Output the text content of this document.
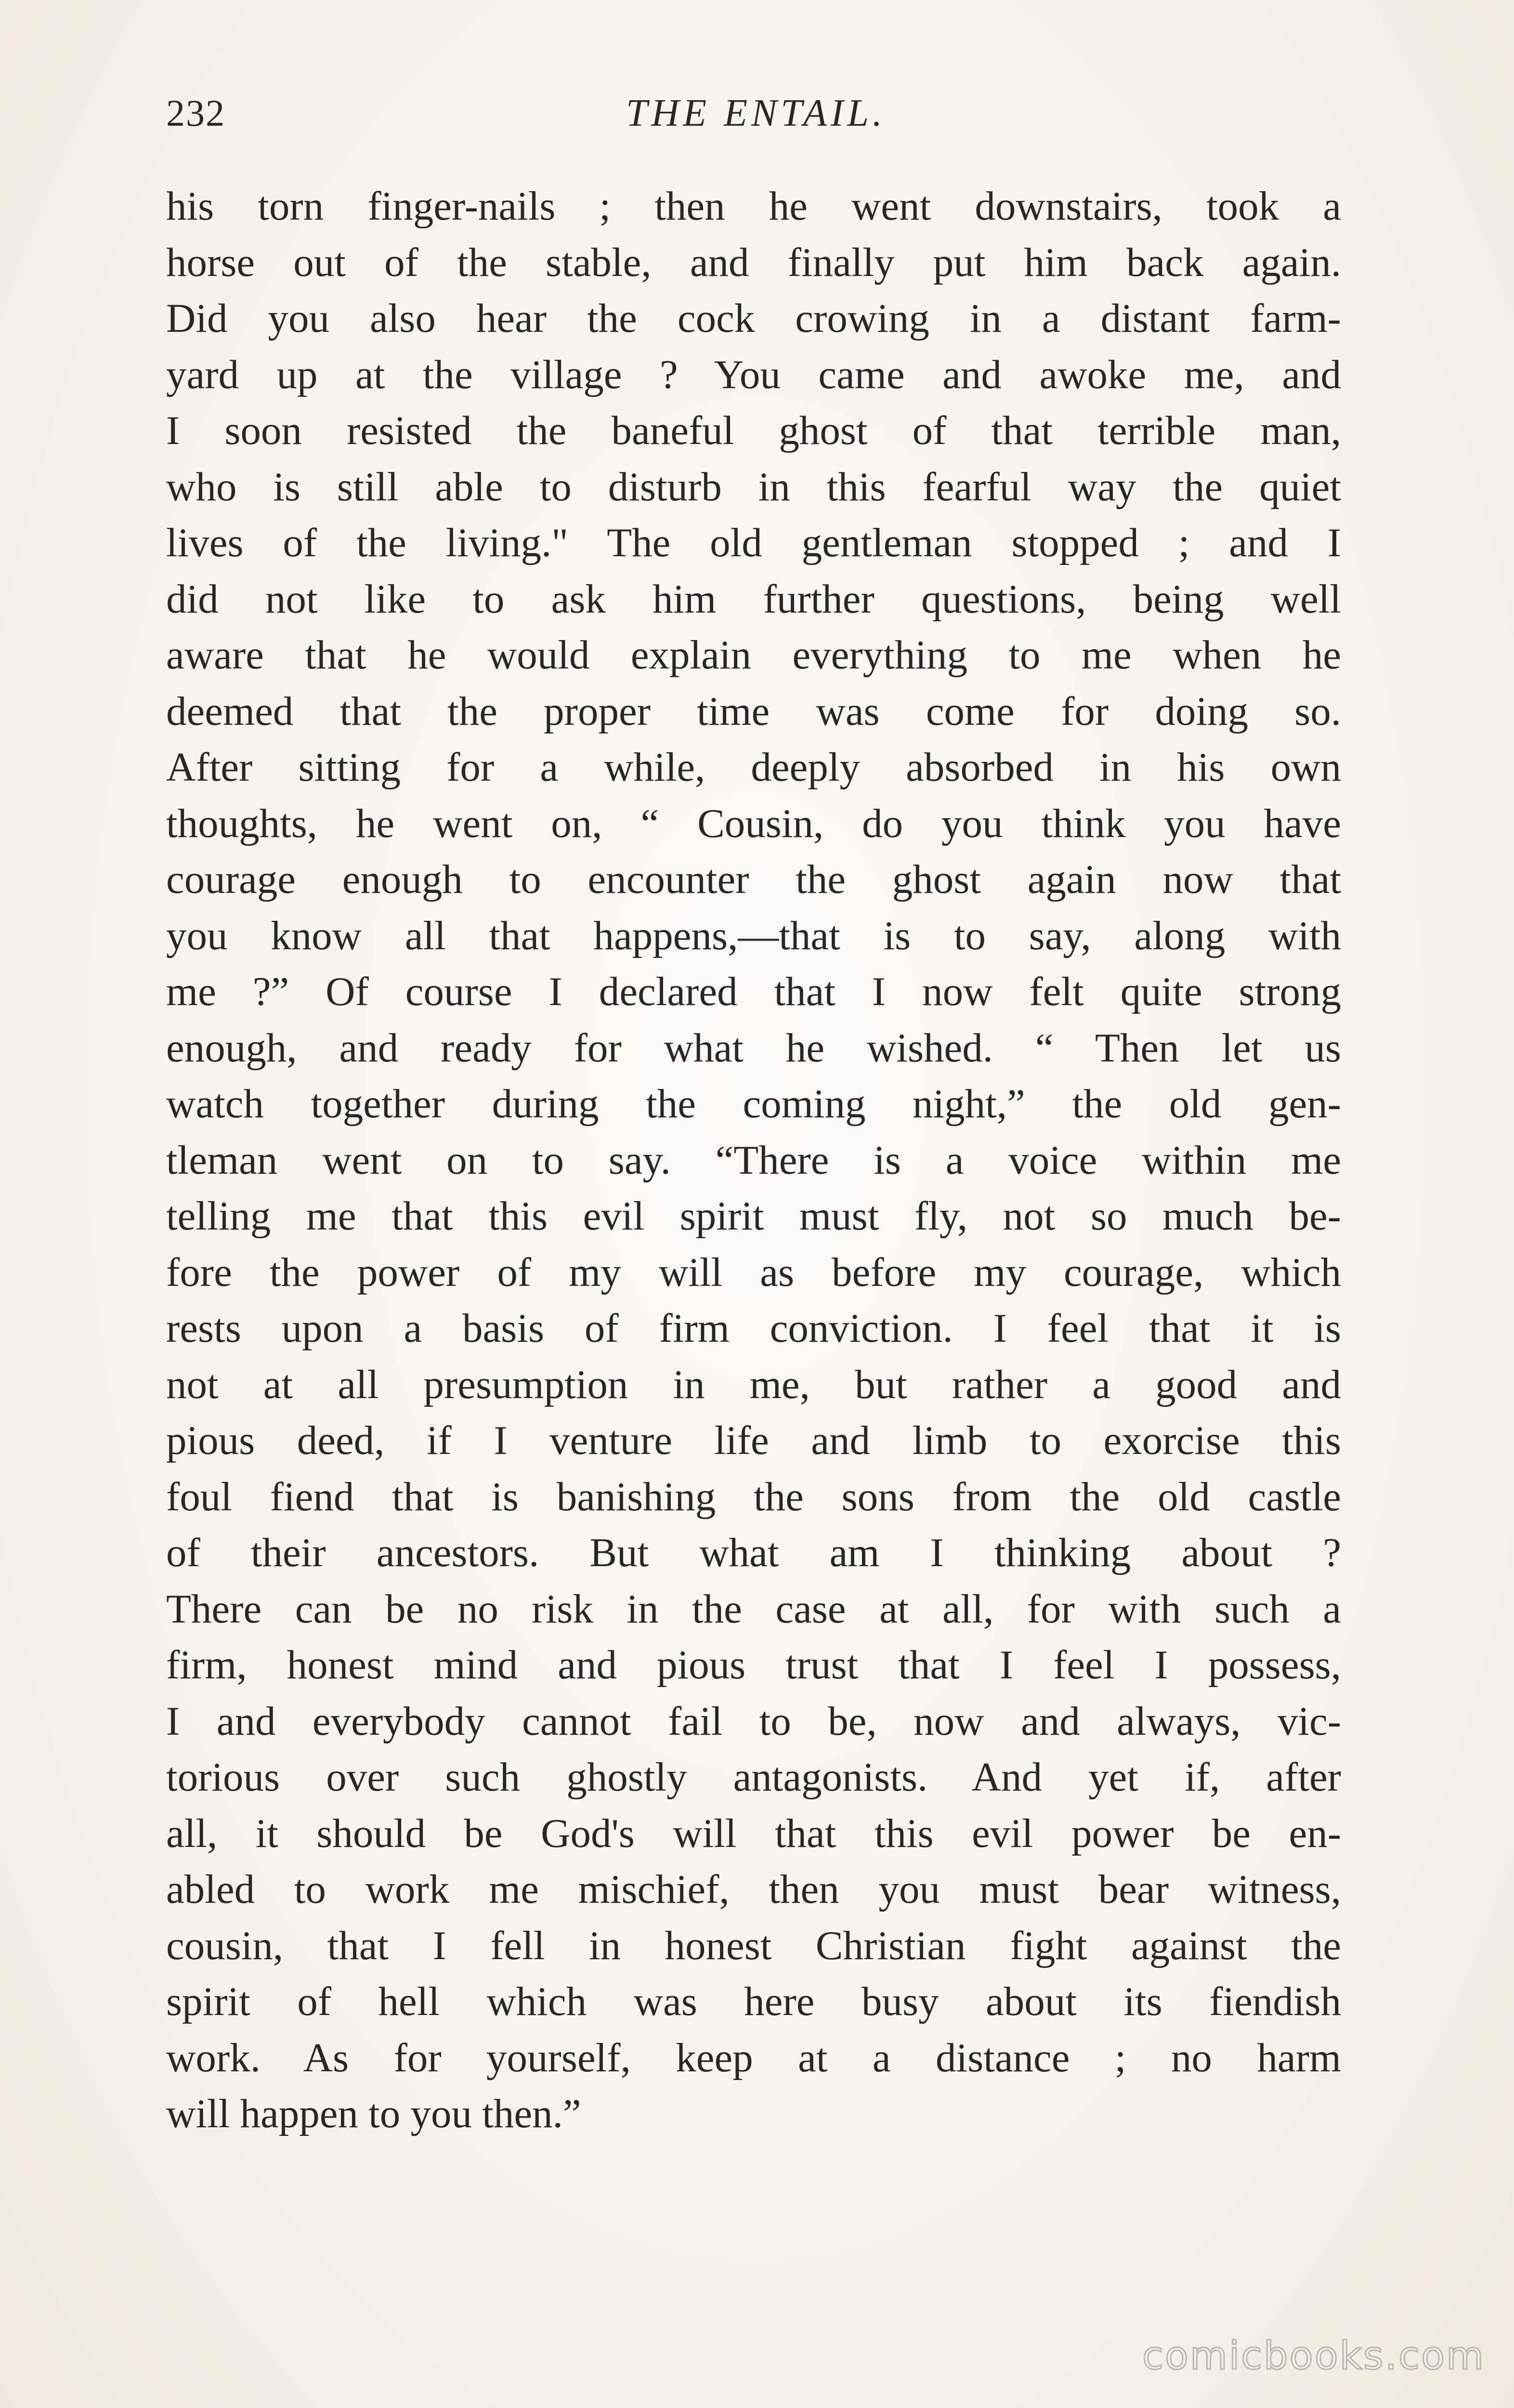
232	THE ENTAIL.
his torn finger-nails ; then he went downstairs, took a
horse out of the stable, and finally put him back again.
Did you also hear the cock crowing in a distant farm-
yard up at the village ? You came and awoke me, and
I soon resisted the baneful ghost of that terrible man,
who is still able to disturb in this fearful way the quiet
lives of the living." The old gentleman stopped ; and I
did not like to ask him further questions, being well
aware that he would explain everything to me when he
deemed that the proper time was come for doing so.
After sitting for a while, deeply absorbed in his own
thoughts, he went on, “ Cousin, do you think you have
courage enough to encounter the ghost again now that
you know all that happens,—that is to say, along with
me ?” Of course I declared that I now felt quite strong
enough, and ready for what he wished. “ Then let us
watch together during the coming night,” the old gen-
tleman went on to say. “There is a voice within me
telling me that this evil spirit must fly, not so much be-
fore the power of my will as before my courage, which
rests upon a basis of firm conviction. I feel that it is
not at all presumption in me, but rather a good and
pious deed, if I venture life and limb to exorcise this
foul fiend that is banishing the sons from the old castle
of their ancestors. But what am I thinking about ?
There can be no risk in the case at all, for with such a
firm, honest mind and pious trust that I feel I possess,
I and everybody cannot fail to be, now and always, vic-
torious over such ghostly antagonists. And yet if, after
all, it should be God's will that this evil power be en-
abled to work me mischief, then you must bear witness,
cousin, that I fell in honest Christian fight against the
spirit of hell which was here busy about its fiendish
work. As for yourself, keep at a distance ; no harm
will happen to you then.”
comicbooks.com
